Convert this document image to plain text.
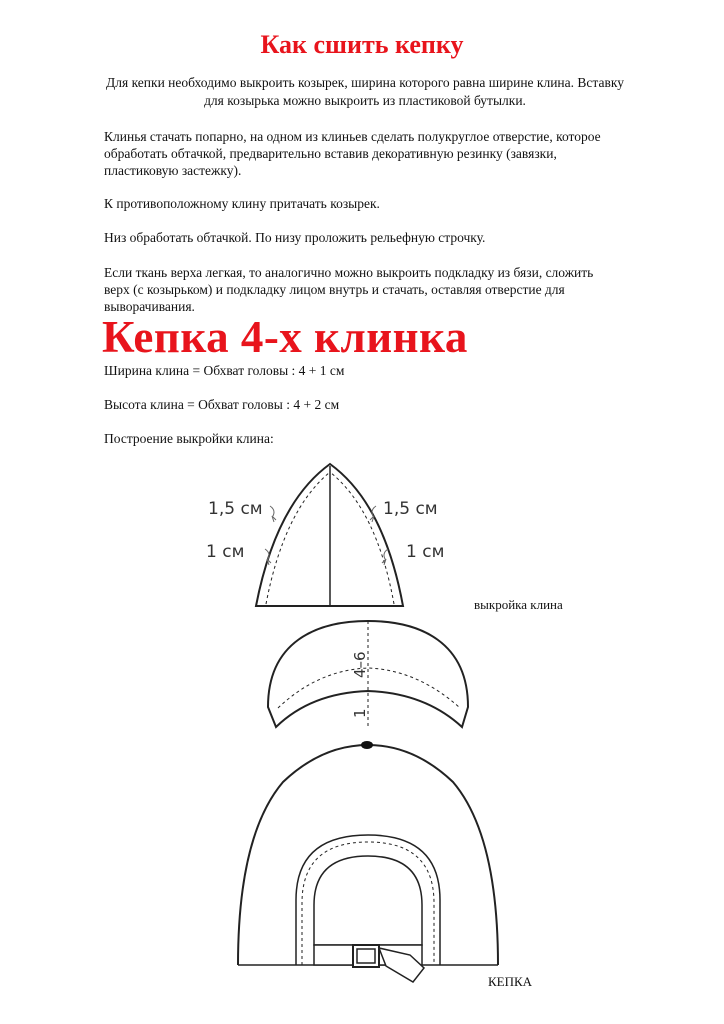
Как сшить кепку
Для кепки необходимо выкроить козырек, ширина которого равна ширине клина. Вставку для козырька можно выкроить из пластиковой бутылки.
Клинья стачать попарно, на одном из клиньев сделать полукруглое отверстие, которое обработать обтачкой, предварительно вставив декоративную резинку (завязки, пластиковую застежку).
К противоположному клину притачать козырек.
Низ обработать обтачкой. По низу проложить рельефную строчку.
Если ткань верха легкая, то аналогично можно выкроить подкладку из бязи, сложить верх (с козырьком) и подкладку лицом внутрь и стачать, оставляя отверстие для выворачивания.
Кепка 4-х клинка
Ширина клина = Обхват головы : 4 + 1 см
Высота клина = Обхват головы : 4 + 2 см
Построение выкройки клина:
1,5 см
1 см
1,5 см
1 см
4–6
1
выкройка клина
КЕПКА
